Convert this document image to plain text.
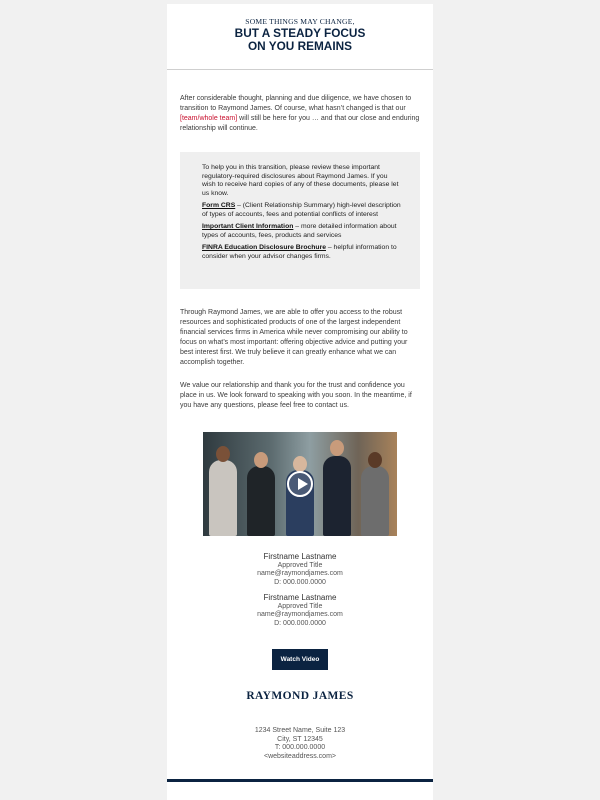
SOME THINGS MAY CHANGE,
BUT A STEADY FOCUS
ON YOU REMAINS
After considerable thought, planning and due diligence, we have chosen to transition to Raymond James. Of course, what hasn’t changed is that our [team/whole team] will still be here for you … and that our close and enduring relationship will continue.
To help you in this transition, please review these important regulatory-required disclosures about Raymond James. If you wish to receive hard copies of any of these documents, please let us know.
Form CRS – (Client Relationship Summary) high-level description of types of accounts, fees and potential conflicts of interest
Important Client Information – more detailed information about types of accounts, fees, products and services
FINRA Education Disclosure Brochure – helpful information to consider when your advisor changes firms.
Through Raymond James, we are able to offer you access to the robust resources and sophisticated products of one of the largest independent financial services firms in America while never compromising our ability to focus on what’s most important: offering objective advice and putting your best interest first. We truly believe it can greatly enhance what we can accomplish together.
We value our relationship and thank you for the trust and confidence you place in us. We look forward to speaking with you soon. In the meantime, if you have any questions, please feel free to contact us.
Firstname Lastname
Approved Title
name@raymondjames.com
D: 000.000.0000
Firstname Lastname
Approved Title
name@raymondjames.com
D: 000.000.0000
Watch Video
RAYMOND JAMES
1234 Street Name, Suite 123
City, ST 12345
T: 000.000.0000
<websiteaddress.com>
